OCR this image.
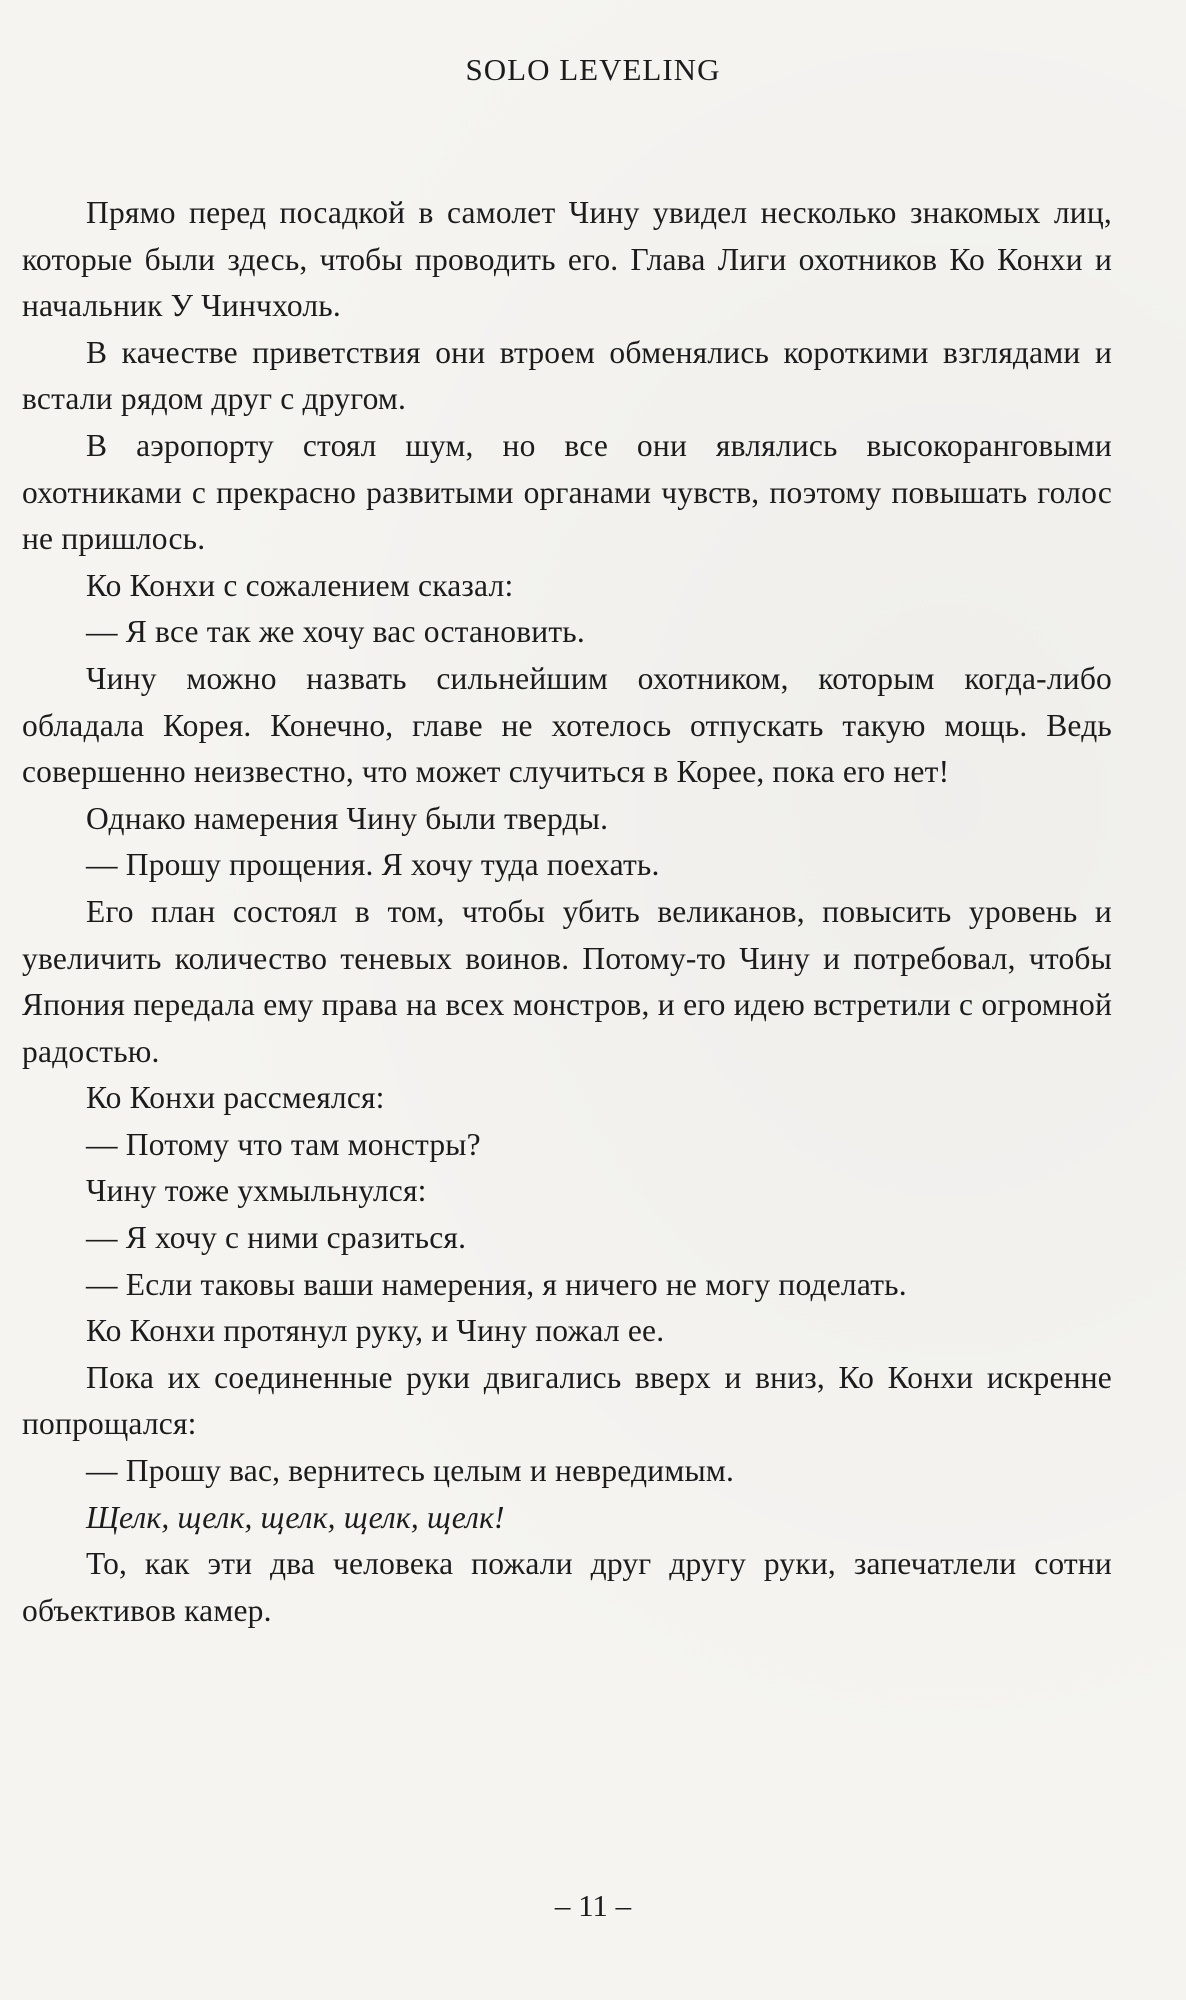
SOLO LEVELING

Прямо перед посадкой в самолет Чину увидел несколько знакомых лиц, которые были здесь, чтобы проводить его. Глава Лиги охотников Ко Конхи и начальник У Чинчхоль.

В качестве приветствия они втроем обменялись короткими взглядами и встали рядом друг с другом.

В аэропорту стоял шум, но все они являлись высокоранговыми охотниками с прекрасно развитыми органами чувств, поэтому повышать голос не пришлось.

Ко Конхи с сожалением сказал:

— Я все так же хочу вас остановить.

Чину можно назвать сильнейшим охотником, которым когда-либо обладала Корея. Конечно, главе не хотелось отпускать такую мощь. Ведь совершенно неизвестно, что может случиться в Корее, пока его нет!

Однако намерения Чину были тверды.

— Прошу прощения. Я хочу туда поехать.

Его план состоял в том, чтобы убить великанов, повысить уровень и увеличить количество теневых воинов. Потому-то Чину и потребовал, чтобы Япония передала ему права на всех монстров, и его идею встретили с огромной радостью.

Ко Конхи рассмеялся:

— Потому что там монстры?

Чину тоже ухмыльнулся:

— Я хочу с ними сразиться.

— Если таковы ваши намерения, я ничего не могу поделать.

Ко Конхи протянул руку, и Чину пожал ее.

Пока их соединенные руки двигались вверх и вниз, Ко Конхи искренне попрощался:

— Прошу вас, вернитесь целым и невредимым.

Щелк, щелк, щелк, щелк, щелк!

То, как эти два человека пожали друг другу руки, запечатлели сотни объективов камер.

– 11 –
